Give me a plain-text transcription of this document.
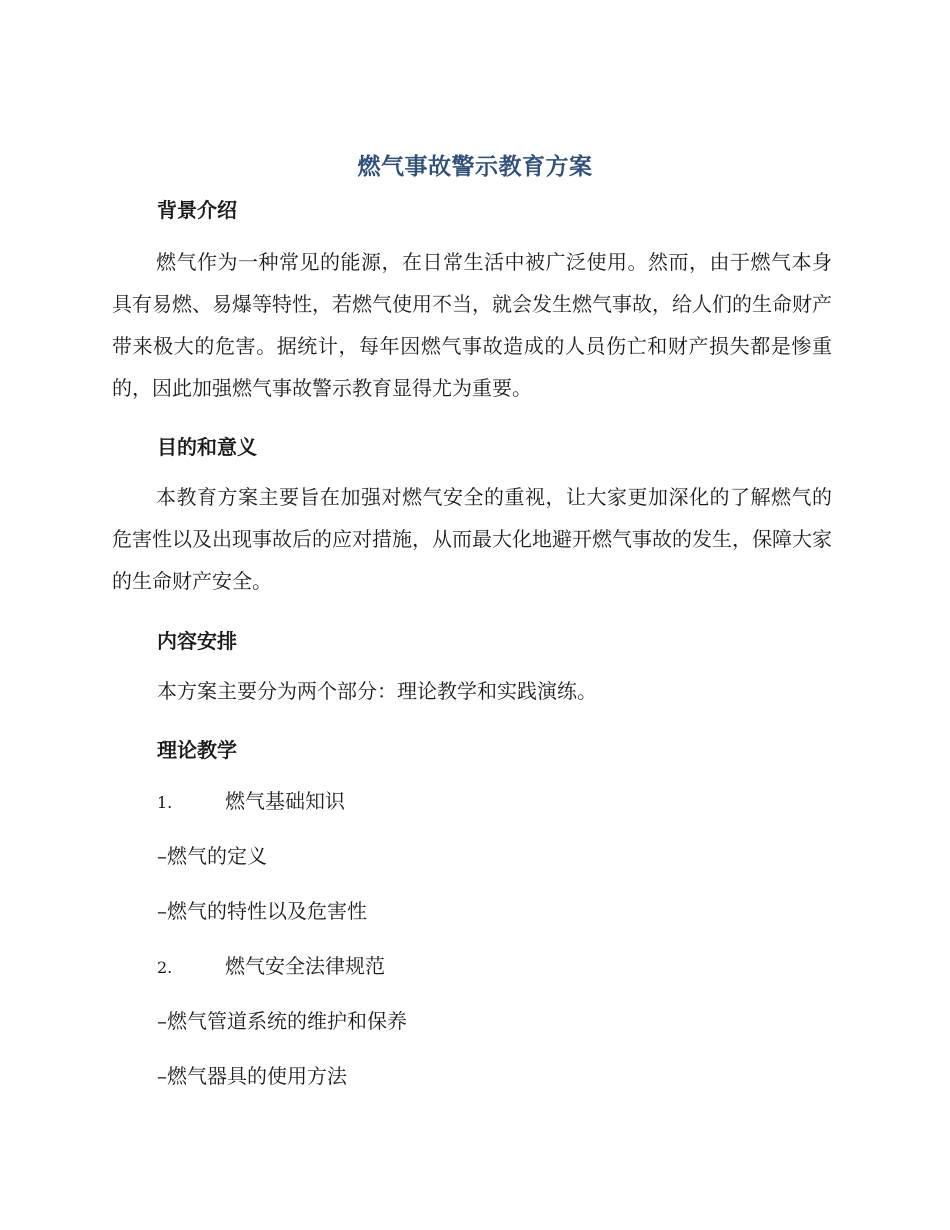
燃气事故警示教育方案
背景介绍
燃气作为一种常见的能源，在日常生活中被广泛使用。然而，由于燃气本身具有易燃、易爆等特性，若燃气使用不当，就会发生燃气事故，给人们的生命财产带来极大的危害。据统计，每年因燃气事故造成的人员伤亡和财产损失都是惨重的，因此加强燃气事故警示教育显得尤为重要。
目的和意义
本教育方案主要旨在加强对燃气安全的重视，让大家更加深化的了解燃气的危害性以及出现事故后的应对措施，从而最大化地避开燃气事故的发生，保障大家的生命财产安全。
内容安排
本方案主要分为两个部分：理论教学和实践演练。
理论教学
1.	燃气基础知识
–燃气的定义
–燃气的特性以及危害性
2.	燃气安全法律规范
–燃气管道系统的维护和保养
–燃气器具的使用方法
